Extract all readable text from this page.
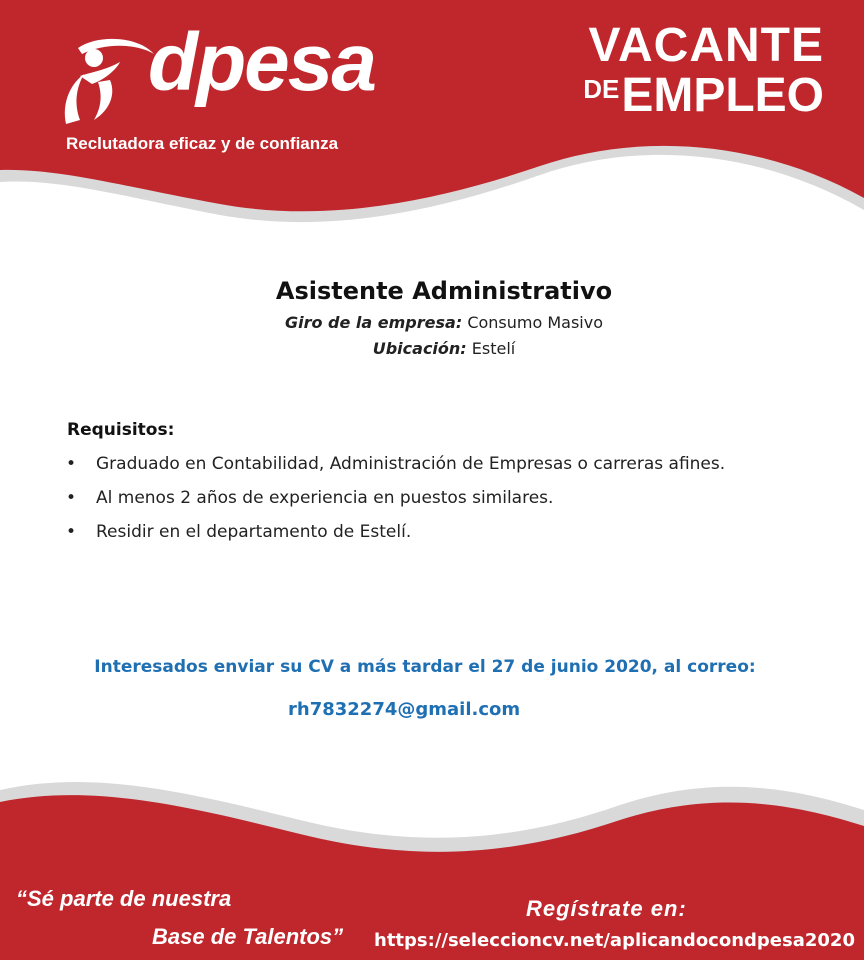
dpesa
Reclutadora eficaz y de confianza
VACANTE
DEEMPLEO
Asistente Administrativo
Giro de la empresa: Consumo Masivo
Ubicación: Estelí
Requisitos:
• Graduado en Contabilidad, Administración de Empresas o carreras afines.
• Al menos 2 años de experiencia en puestos similares.
• Residir en el departamento de Estelí.
Interesados enviar su CV a más tardar el 27 de junio 2020, al correo:
rh7832274@gmail.com
“Sé parte de nuestra
Base de Talentos”
Regístrate en:
https://seleccioncv.net/aplicandocondpesa2020
